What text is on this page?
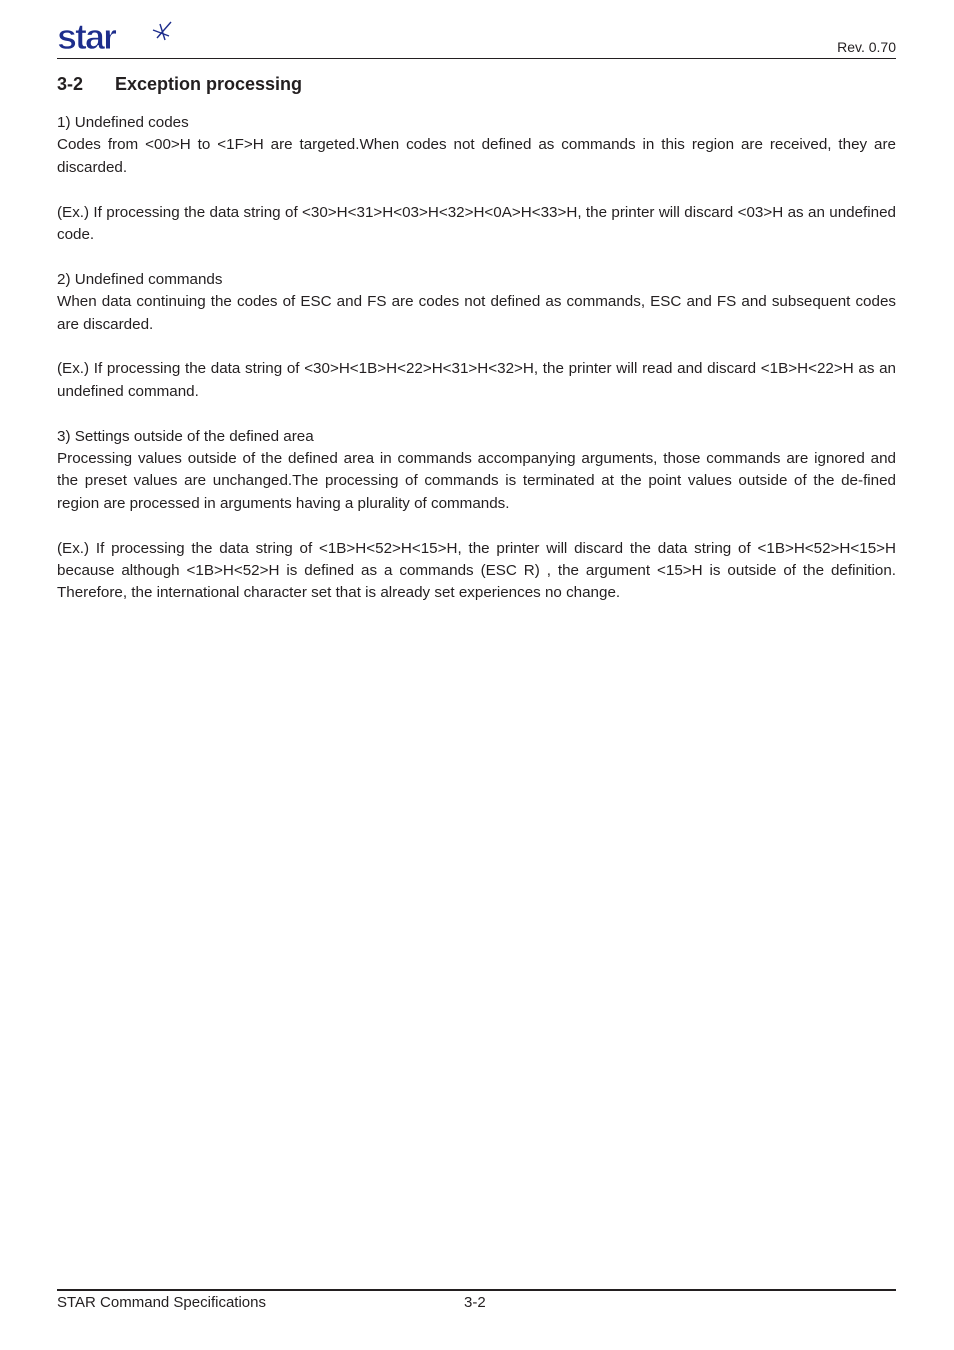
star	Rev. 0.70
3-2 Exception processing

1) Undefined codes

Codes from <00>H to <1F>H are targeted.When codes not defined as commands in this region are received, they are discarded.

(Ex.) If processing the data string of <30>H<31>H<03>H<32>H<0A>H<33>H, the printer will discard <03>H as an undefined code.

2) Undefined commands

When data continuing the codes of ESC and FS are codes not defined as commands, ESC and FS and subsequent codes are discarded.

(Ex.) If processing the data string of <30>H<1B>H<22>H<31>H<32>H, the printer will read and discard <1B>H<22>H as an undefined command.

3) Settings outside of the defined area

Processing values outside of the defined area in commands accompanying arguments, those commands are ignored and the preset values are unchanged.The processing of commands is terminated at the point values outside of the de-fined region are processed in arguments having a plurality of commands.

(Ex.) If processing the data string of <1B>H<52>H<15>H, the printer will discard the data string of <1B>H<52>H<15>H because although <1B>H<52>H is defined as a commands (ESC R) , the argument <15>H is outside of the definition. Therefore, the international character set that is already set experiences no change.

STAR Command Specifications	3-2
